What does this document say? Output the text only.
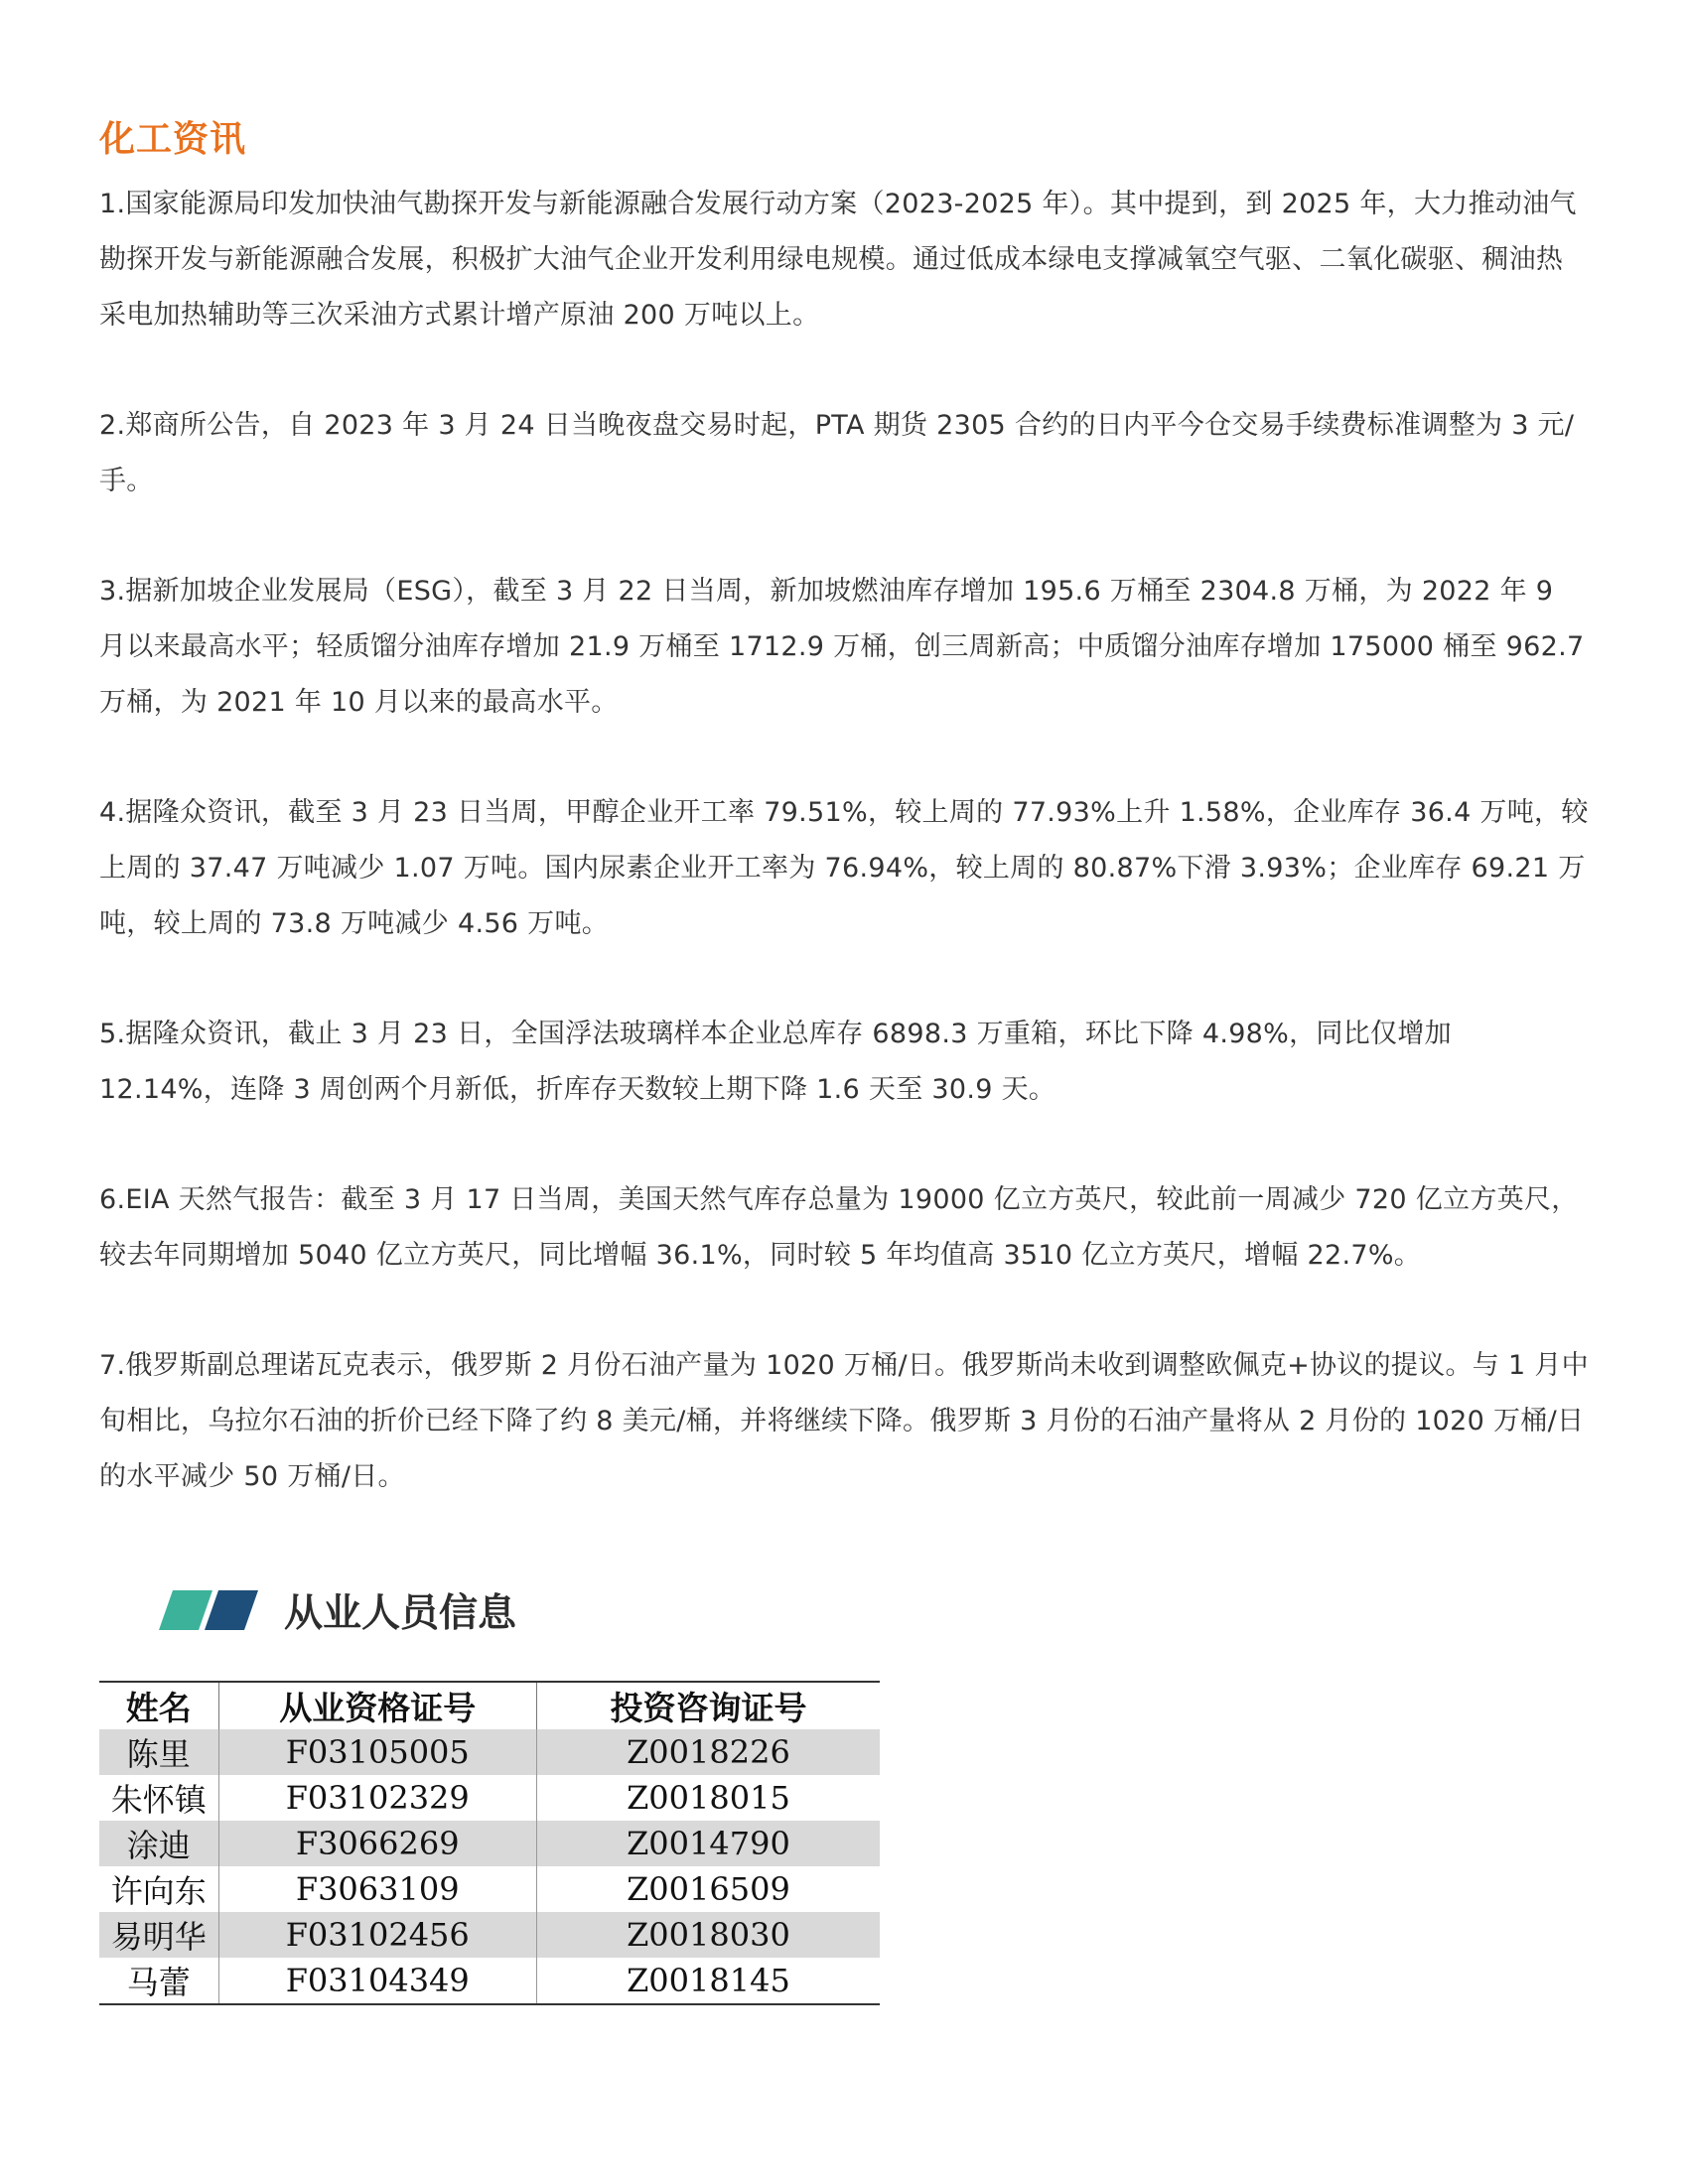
化工资讯

1.国家能源局印发加快油气勘探开发与新能源融合发展行动方案（2023-2025 年）。其中提到，到 2025 年，大力推动油气勘探开发与新能源融合发展，积极扩大油气企业开发利用绿电规模。通过低成本绿电支撑减氧空气驱、二氧化碳驱、稠油热采电加热辅助等三次采油方式累计增产原油 200 万吨以上。

2.郑商所公告，自 2023 年 3 月 24 日当晚夜盘交易时起，PTA 期货 2305 合约的日内平今仓交易手续费标准调整为 3 元/手。

3.据新加坡企业发展局（ESG），截至 3 月 22 日当周，新加坡燃油库存增加 195.6 万桶至 2304.8 万桶，为 2022 年 9 月以来最高水平；轻质馏分油库存增加 21.9 万桶至 1712.9 万桶，创三周新高；中质馏分油库存增加 175000 桶至 962.7 万桶，为 2021 年 10 月以来的最高水平。

4.据隆众资讯，截至 3 月 23 日当周，甲醇企业开工率 79.51%，较上周的 77.93%上升 1.58%，企业库存 36.4 万吨，较上周的 37.47 万吨减少 1.07 万吨。国内尿素企业开工率为 76.94%，较上周的 80.87%下滑 3.93%；企业库存 69.21 万吨，较上周的 73.8 万吨减少 4.56 万吨。

5.据隆众资讯，截止 3 月 23 日，全国浮法玻璃样本企业总库存 6898.3 万重箱，环比下降 4.98%，同比仅增加 12.14%，连降 3 周创两个月新低，折库存天数较上期下降 1.6 天至 30.9 天。

6.EIA 天然气报告：截至 3 月 17 日当周，美国天然气库存总量为 19000 亿立方英尺，较此前一周减少 720 亿立方英尺，较去年同期增加 5040 亿立方英尺，同比增幅 36.1%，同时较 5 年均值高 3510 亿立方英尺，增幅 22.7%。

7.俄罗斯副总理诺瓦克表示，俄罗斯 2 月份石油产量为 1020 万桶/日。俄罗斯尚未收到调整欧佩克+协议的提议。与 1 月中旬相比，乌拉尔石油的折价已经下降了约 8 美元/桶，并将继续下降。俄罗斯 3 月份的石油产量将从 2 月份的 1020 万桶/日的水平减少 50 万桶/日。

从业人员信息
姓名	从业资格证号	投资咨询证号
陈里	F03105005	Z0018226
朱怀镇	F03102329	Z0018015
涂迪	F3066269	Z0014790
许向东	F3063109	Z0016509
易明华	F03102456	Z0018030
马蕾	F03104349	Z0018145
